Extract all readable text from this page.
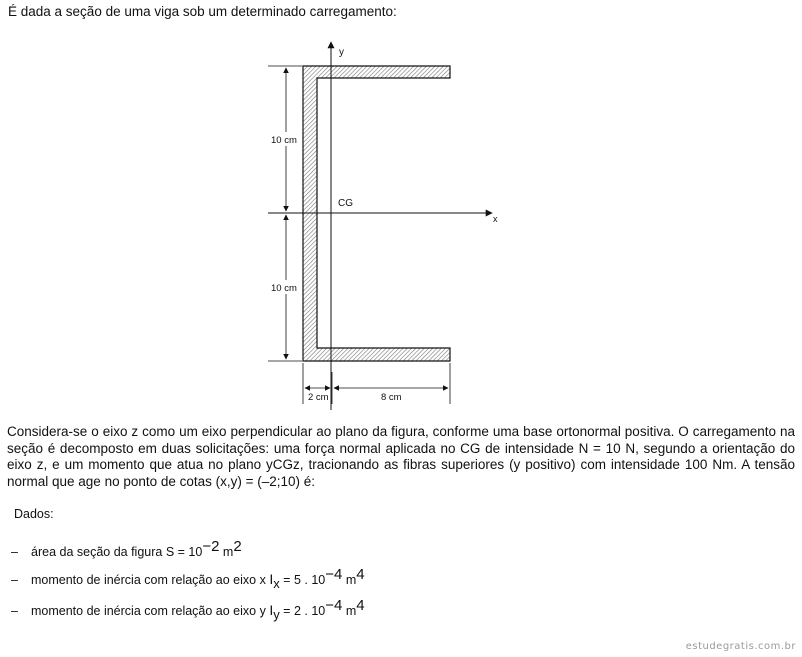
É dada a seção de uma viga sob um determinado carregamento:

y
x
CG
10 cm
10 cm
2 cm	8 cm

Considera-se o eixo z como um eixo perpendicular ao plano da figura, conforme uma base ortonormal positiva. O carregamento na seção é decomposto em duas solicitações: uma força normal aplicada no CG de intensidade N = 10 N, segundo a orientação do eixo z, e um momento que atua no plano yCGz, tracionando as fibras superiores (y positivo) com intensidade 100 Nm. A tensão normal que age no ponto de cotas (x,y) = (–2;10) é:

Dados:

– área da seção da figura S = 10−2 m2
– momento de inércia com relação ao eixo x Ix = 5 . 10−4 m4
– momento de inércia com relação ao eixo y Iy = 2 . 10−4 m4
estudegratis.com.br
